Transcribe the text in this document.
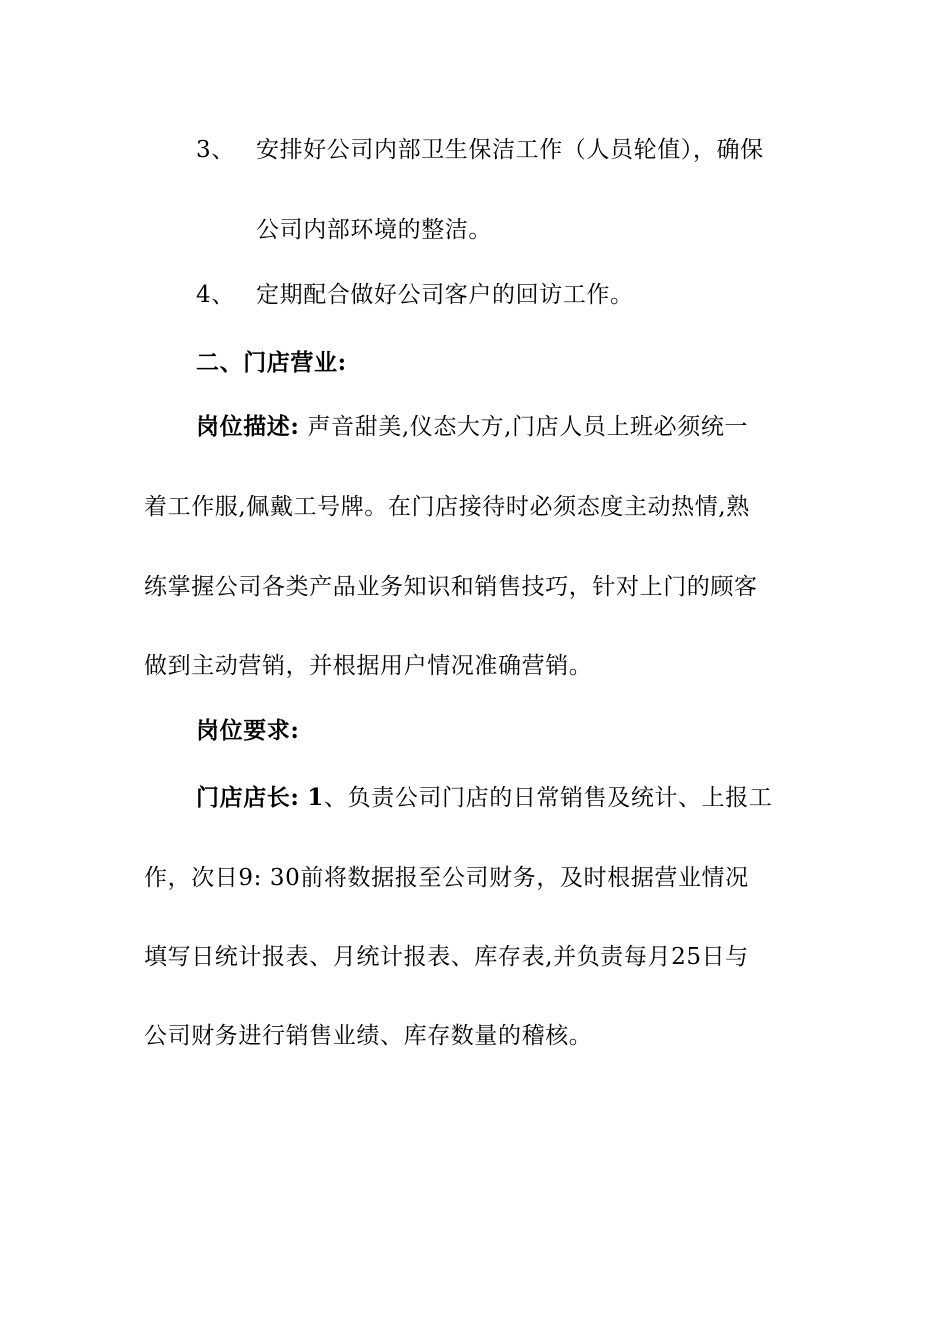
3、 安排好公司内部卫生保洁工作（人员轮值），确保
公司内部环境的整洁。
4、 定期配合做好公司客户的回访工作。
二、门店营业:
岗位描述: 声音甜美,仪态大方,门店人员上班必须统一
着工作服,佩戴工号牌。在门店接待时必须态度主动热情,熟
练掌握公司各类产品业务知识和销售技巧，针对上门的顾客
做到主动营销，并根据用户情况准确营销。
岗位要求:
门店店长: 1、负责公司门店的日常销售及统计、上报工
作，次日9: 30前将数据报至公司财务，及时根据营业情况
填写日统计报表、月统计报表、库存表,并负责每月25日与
公司财务进行销售业绩、库存数量的稽核。
